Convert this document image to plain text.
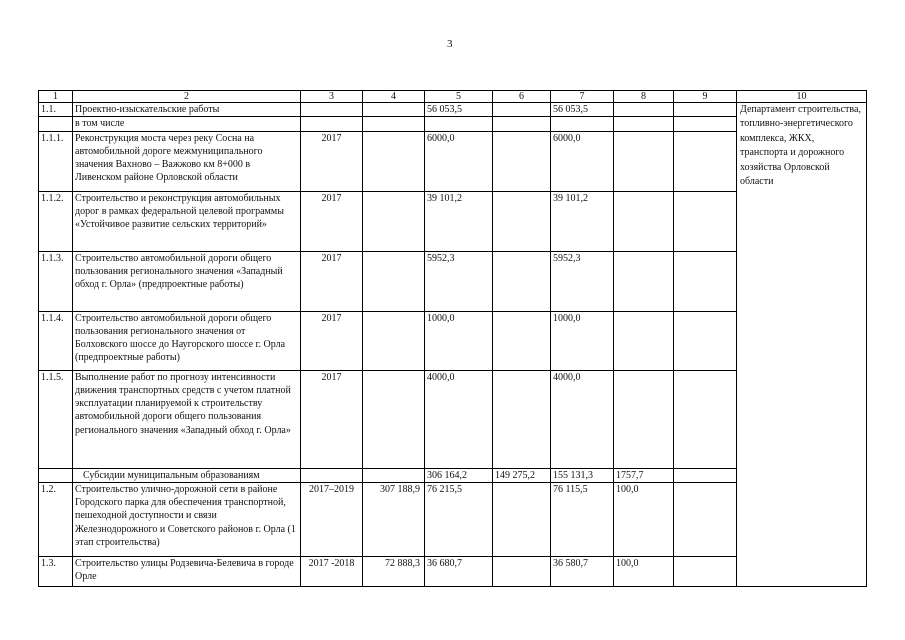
3
1	2	3	4	5	6	7	8	9	10
1.1.	Проектно-изыскательские работы			56 053,5		56 053,5			Департамент строительства, топливно-энергетического комплекса, ЖКХ, транспорта и дорожного хозяйства Орловской области
	в том числе								
1.1.1.	Реконструкция моста через реку Сосна на автомобильной дороге межмуниципального значения Вахново – Важжово км 8+000 в Ливенском районе Орловской области	2017		6000,0		6000,0			
1.1.2.	Строительство и реконструкция автомобильных дорог в рамках федеральной целевой программы «Устойчивое развитие сельских территорий»	2017		39 101,2		39 101,2			
1.1.3.	Строительство автомобильной дороги общего пользования регионального значения «Западный обход г. Орла» (предпроектные работы)	2017		5952,3		5952,3			
1.1.4.	Строительство автомобильной дороги общего пользования регионального значения от Болховского шоссе до Наугорского шоссе г. Орла (предпроектные работы)	2017		1000,0		1000,0			
1.1.5.	Выполнение работ по прогнозу интенсивности движения транспортных средств с учетом платной эксплуатации планируемой к строительству автомобильной дороги общего пользования регионального значения «Западный обход г. Орла»	2017		4000,0		4000,0			
	Субсидии муниципальным образованиям			306 164,2	149 275,2	155 131,3	1757,7		
1.2.	Строительство улично-дорожной сети в районе Городского парка для обеспечения транспортной, пешеходной доступности и связи Железнодорожного и Советского районов г. Орла (1 этап строительства)	2017–2019	307 188,9	76 215,5		76 115,5	100,0		
1.3.	Строительство улицы Родзевича-Белевича в городе Орле	2017 -2018	72 888,3	36 680,7		36 580,7	100,0		
